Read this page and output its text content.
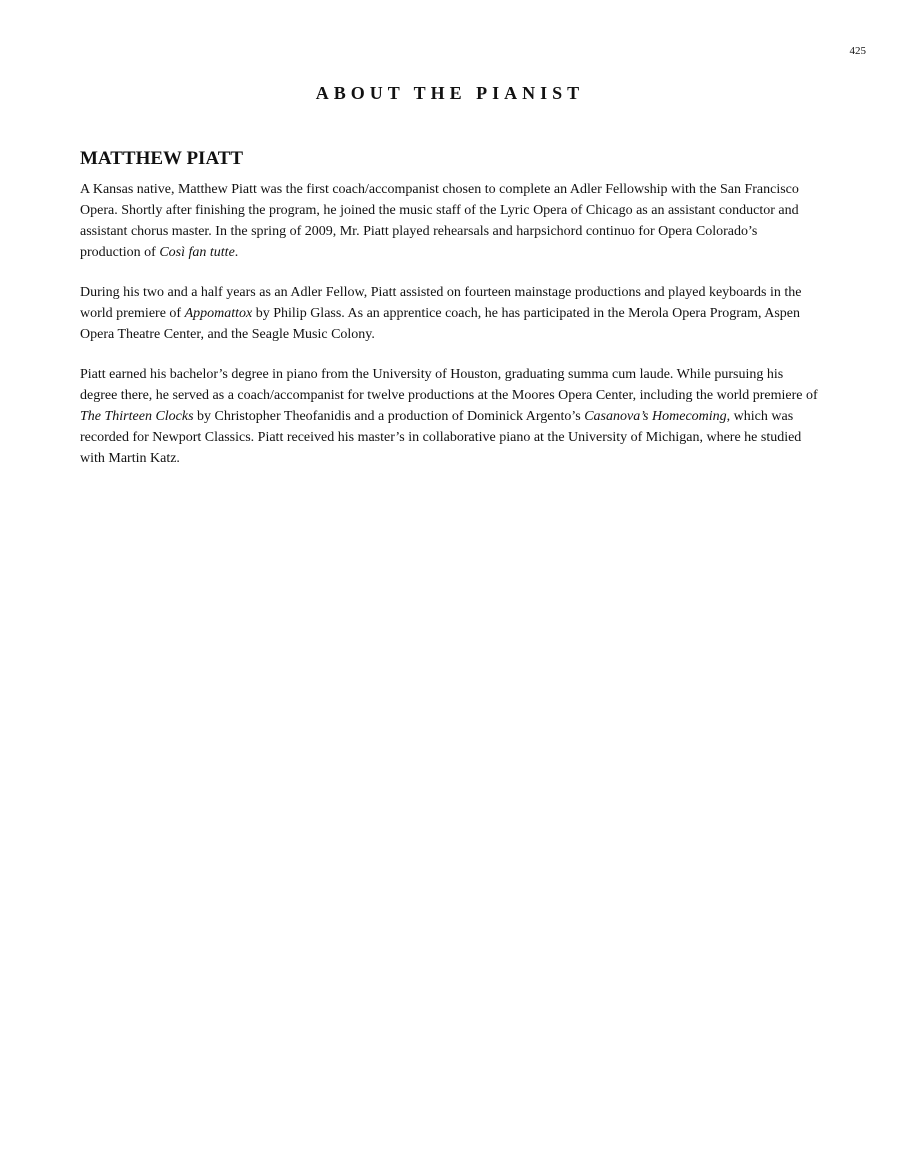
425
ABOUT THE PIANIST
MATTHEW PIATT

A Kansas native, Matthew Piatt was the first coach/accompanist chosen to complete an Adler Fellowship with the San Francisco Opera. Shortly after finishing the program, he joined the music staff of the Lyric Opera of Chicago as an assistant conductor and assistant chorus master. In the spring of 2009, Mr. Piatt played rehearsals and harpsichord continuo for Opera Colorado’s production of Così fan tutte.

During his two and a half years as an Adler Fellow, Piatt assisted on fourteen mainstage productions and played keyboards in the world premiere of Appomattox by Philip Glass. As an apprentice coach, he has participated in the Merola Opera Program, Aspen Opera Theatre Center, and the Seagle Music Colony.

Piatt earned his bachelor’s degree in piano from the University of Houston, graduating summa cum laude. While pursuing his degree there, he served as a coach/accompanist for twelve productions at the Moores Opera Center, including the world premiere of The Thirteen Clocks by Christopher Theofanidis and a production of Dominick Argento’s Casanova’s Homecoming, which was recorded for Newport Classics. Piatt received his master’s in collaborative piano at the University of Michigan, where he studied with Martin Katz.
